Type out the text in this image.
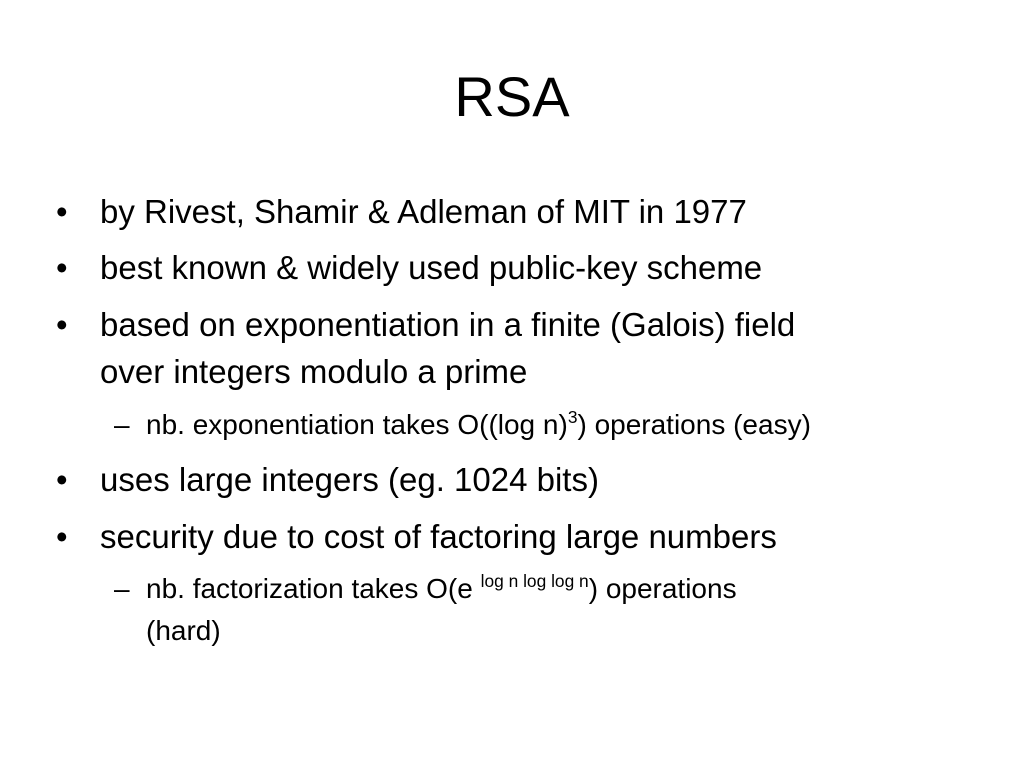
RSA
• by Rivest, Shamir & Adleman of MIT in 1977

• best known & widely used public-key scheme

• based on exponentiation in a finite (Galois) field

over integers modulo a prime

– nb. exponentiation takes O((log n)$^3$) operations (easy)

• uses large integers (eg. 1024 bits)

• security due to cost of factoring large numbers

– nb. factorization takes O(e $^{log n log log n}$) operations

(hard)
